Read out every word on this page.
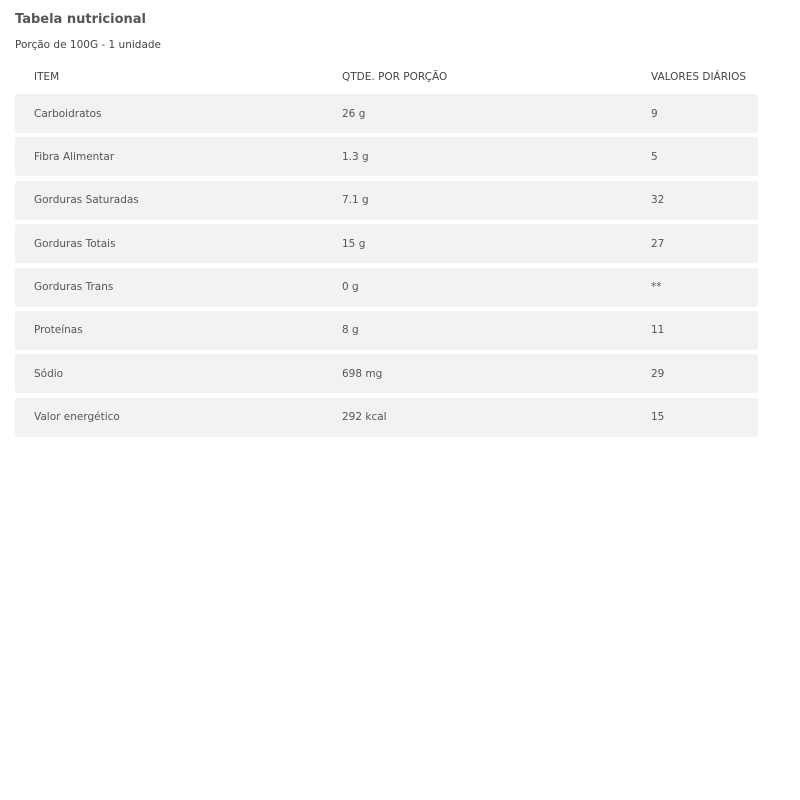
Tabela nutricional

Porção de 100G - 1 unidade

ITEM	QTDE. POR PORÇÃO	VALORES DIÁRIOS
Carboidratos	26 g	9
Fibra Alimentar	1.3 g	5
Gorduras Saturadas	7.1 g	32
Gorduras Totais	15 g	27
Gorduras Trans	0 g	**
Proteínas	8 g	11
Sódio	698 mg	29
Valor energético	292 kcal	15
